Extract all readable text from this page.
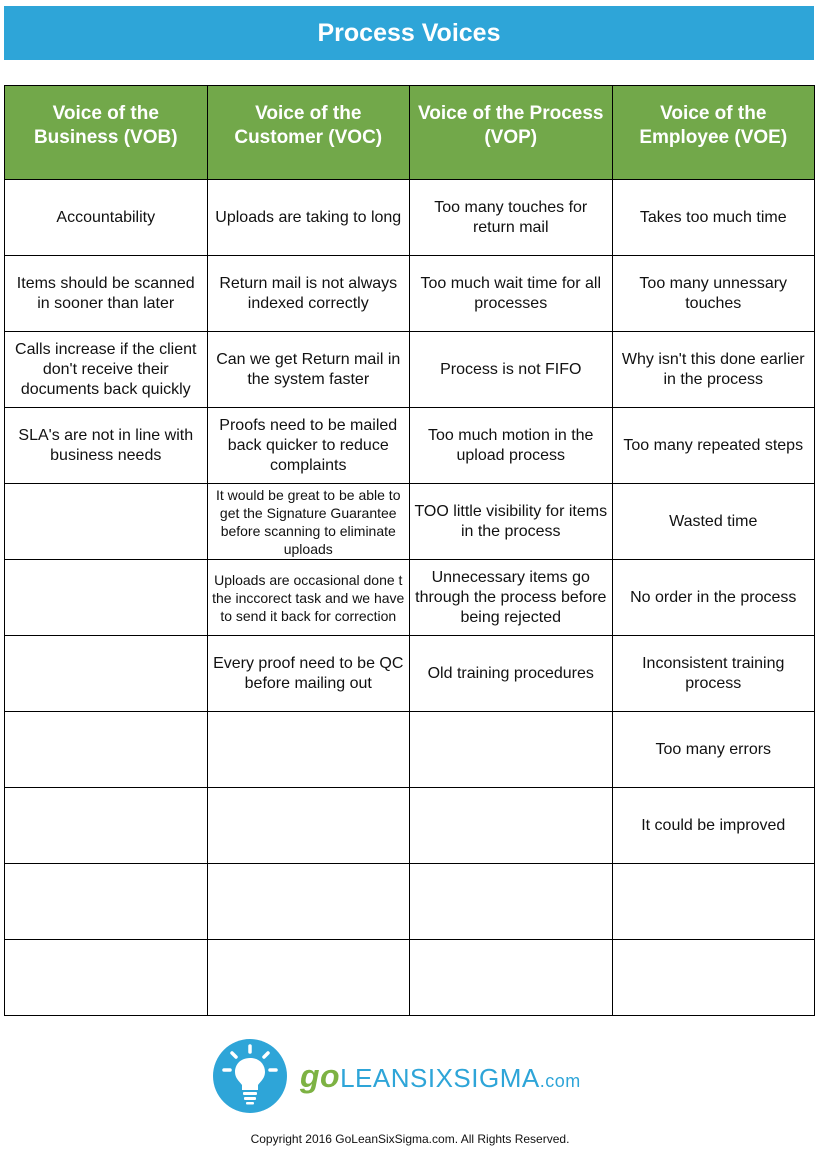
Process Voices
Voice of the Business (VOB)	Voice of the Customer (VOC)	Voice of the Process (VOP)	Voice of the Employee (VOE)
Accountability	Uploads are taking to long	Too many touches for return mail	Takes too much time
Items should be scanned in sooner than later	Return mail is not always indexed correctly	Too much wait time for all processes	Too many unnessary touches
Calls increase if the client don't receive their documents back quickly	Can we get Return mail in the system faster	Process is not FIFO	Why isn't this done earlier in the process
SLA's are not in line with business needs	Proofs need to be mailed back quicker to reduce complaints	Too much motion in the upload process	Too many repeated steps
	It would be great to be able to get the Signature Guarantee before scanning to eliminate uploads	TOO little visibility for items in the process	Wasted time
	Uploads are occasional done t the inccorect task and we have to send it back for correction	Unnecessary items go through the process before being rejected	No order in the process
	Every proof need to be QC before mailing out	Old training procedures	Inconsistent training process
			Too many errors
			It could be improved

go LEANSIXSIGMA .com
Copyright 2016 GoLeanSixSigma.com. All Rights Reserved.
